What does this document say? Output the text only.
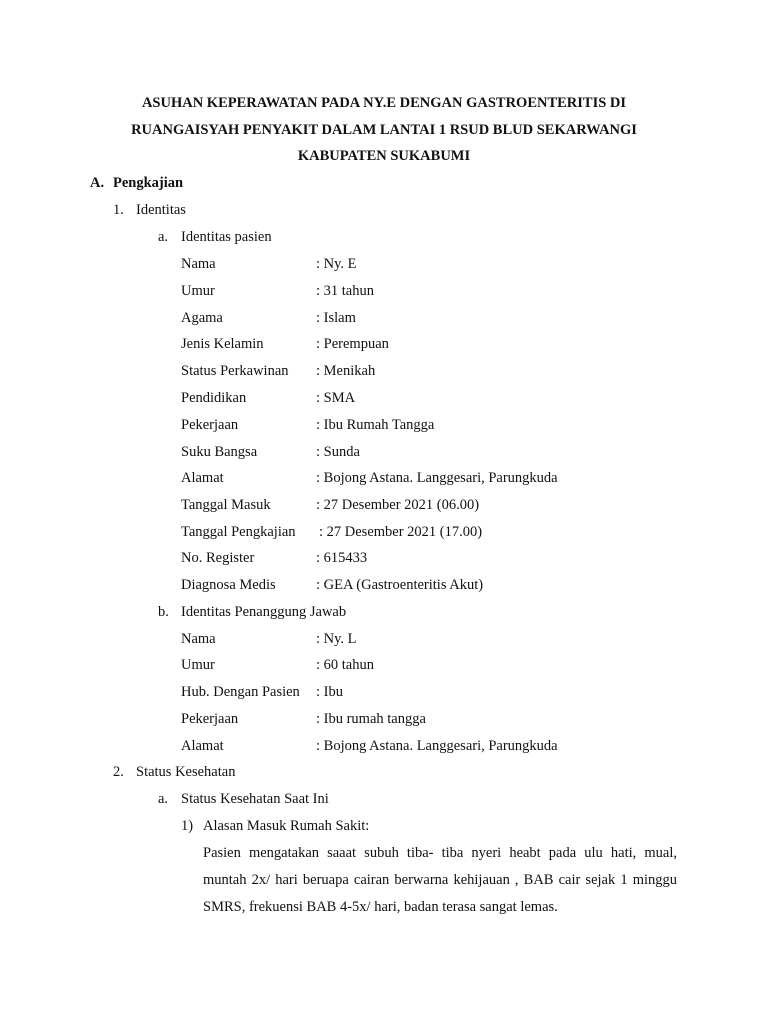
ASUHAN KEPERAWATAN PADA NY.E DENGAN GASTROENTERITIS DI
RUANGAISYAH PENYAKIT DALAM LANTAI 1 RSUD BLUD SEKARWANGI
KABUPATEN SUKABUMI
A. Pengkajian
1. Identitas
a. Identitas pasien
Nama	: Ny. E
Umur	: 31 tahun
Agama	: Islam
Jenis Kelamin	: Perempuan
Status Perkawinan : Menikah
Pendidikan	: SMA
Pekerjaan	: Ibu Rumah Tangga
Suku Bangsa	: Sunda
Alamat	: Bojong Astana. Langgesari, Parungkuda
Tanggal Masuk	: 27 Desember 2021 (06.00)
Tanggal Pengkajian : 27 Desember 2021 (17.00)
No. Register	: 615433
Diagnosa Medis	: GEA (Gastroenteritis Akut)
b. Identitas Penanggung Jawab
Nama	: Ny. L
Umur	: 60 tahun
Hub. Dengan Pasien : Ibu
Pekerjaan	: Ibu rumah tangga
Alamat	: Bojong Astana. Langgesari, Parungkuda
2. Status Kesehatan
a. Status Kesehatan Saat Ini
1) Alasan Masuk Rumah Sakit:
Pasien mengatakan saaat subuh tiba- tiba nyeri heabt pada ulu hati, mual,
muntah 2x/ hari beruapa cairan berwarna kehijauan , BAB cair sejak 1 minggu
SMRS, frekuensi BAB 4-5x/ hari, badan terasa sangat lemas.
